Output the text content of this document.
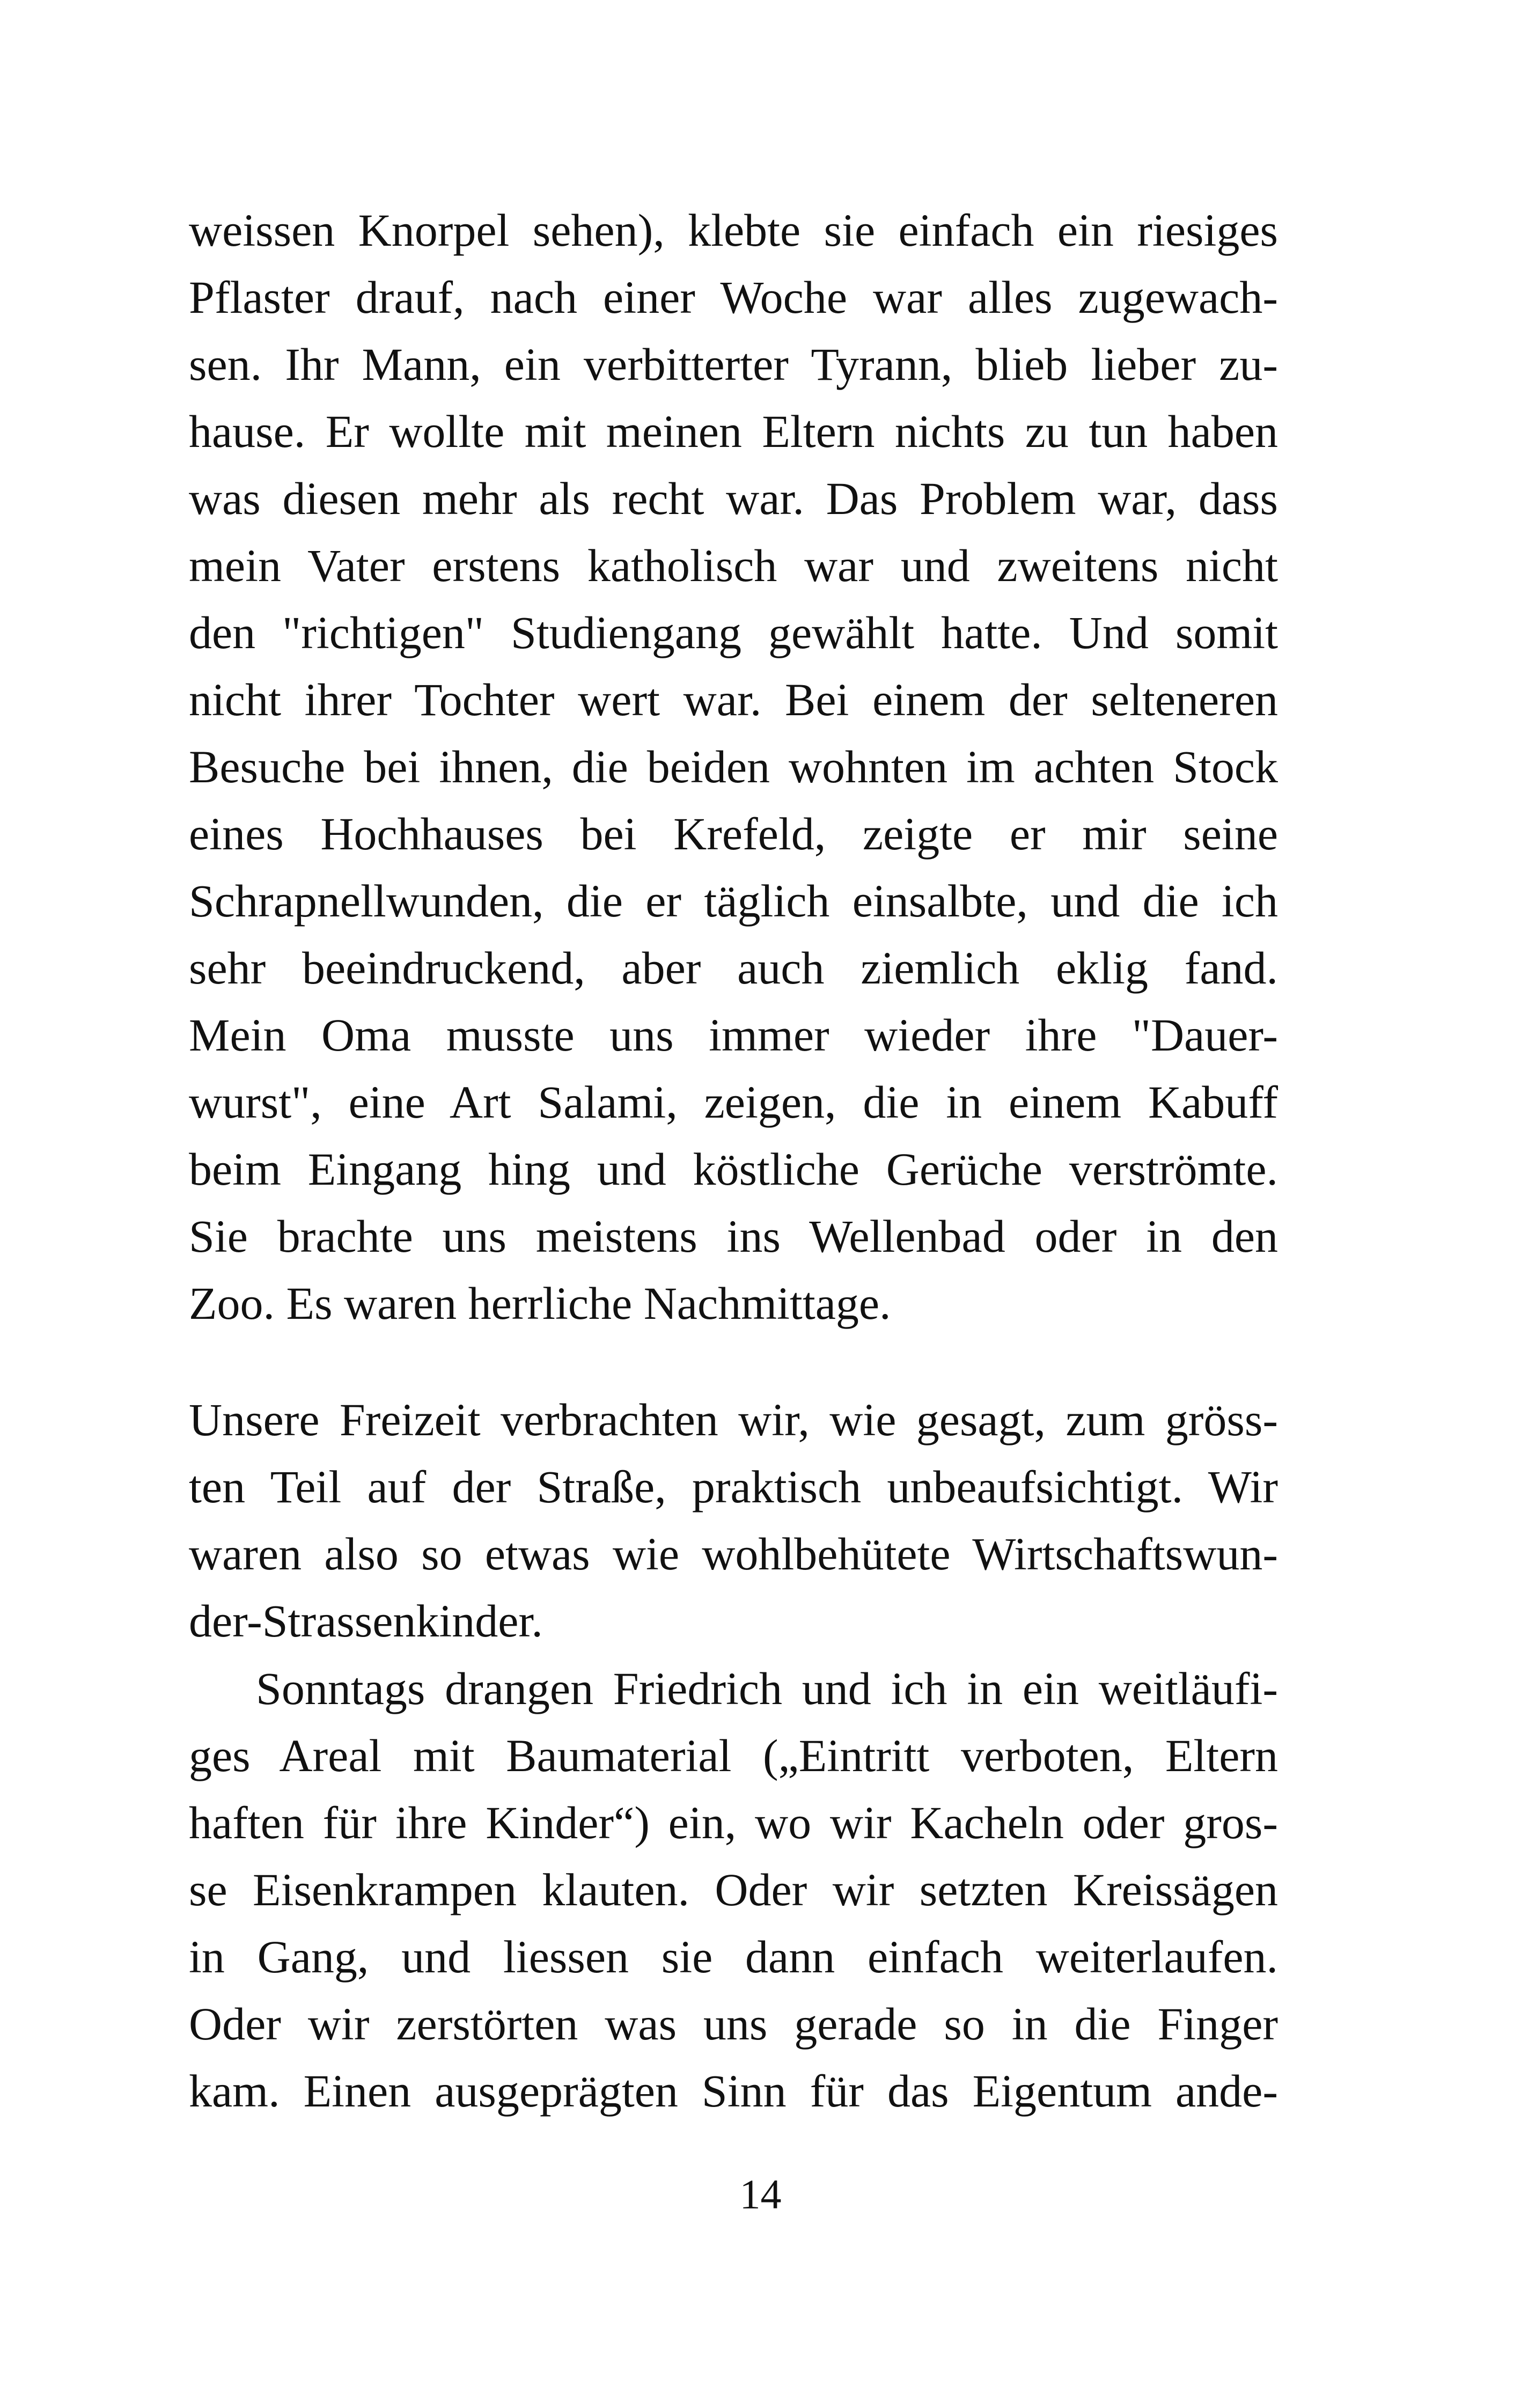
weissen Knorpel sehen), klebte sie einfach ein riesiges
Pflaster drauf, nach einer Woche war alles zugewach-
sen. Ihr Mann, ein verbitterter Tyrann, blieb lieber zu-
hause. Er wollte mit meinen Eltern nichts zu tun haben
was diesen mehr als recht war. Das Problem war, dass
mein Vater erstens katholisch war und zweitens nicht
den "richtigen" Studiengang gewählt hatte. Und somit
nicht ihrer Tochter wert war. Bei einem der selteneren
Besuche bei ihnen, die beiden wohnten im achten Stock
eines Hochhauses bei Krefeld, zeigte er mir seine
Schrapnellwunden, die er täglich einsalbte, und die ich
sehr beeindruckend, aber auch ziemlich eklig fand.
Mein Oma musste uns immer wieder ihre "Dauer-
wurst", eine Art Salami, zeigen, die in einem Kabuff
beim Eingang hing und köstliche Gerüche verströmte.
Sie brachte uns meistens ins Wellenbad oder in den
Zoo. Es waren herrliche Nachmittage.
Unsere Freizeit verbrachten wir, wie gesagt, zum gröss-
ten Teil auf der Straße, praktisch unbeaufsichtigt. Wir
waren also so etwas wie wohlbehütete Wirtschaftswun-
der-Strassenkinder.
Sonntags drangen Friedrich und ich in ein weitläufi-
ges Areal mit Baumaterial („Eintritt verboten, Eltern
haften für ihre Kinder“) ein, wo wir Kacheln oder gros-
se Eisenkrampen klauten. Oder wir setzten Kreissägen
in Gang, und liessen sie dann einfach weiterlaufen.
Oder wir zerstörten was uns gerade so in die Finger
kam. Einen ausgeprägten Sinn für das Eigentum ande-
14
